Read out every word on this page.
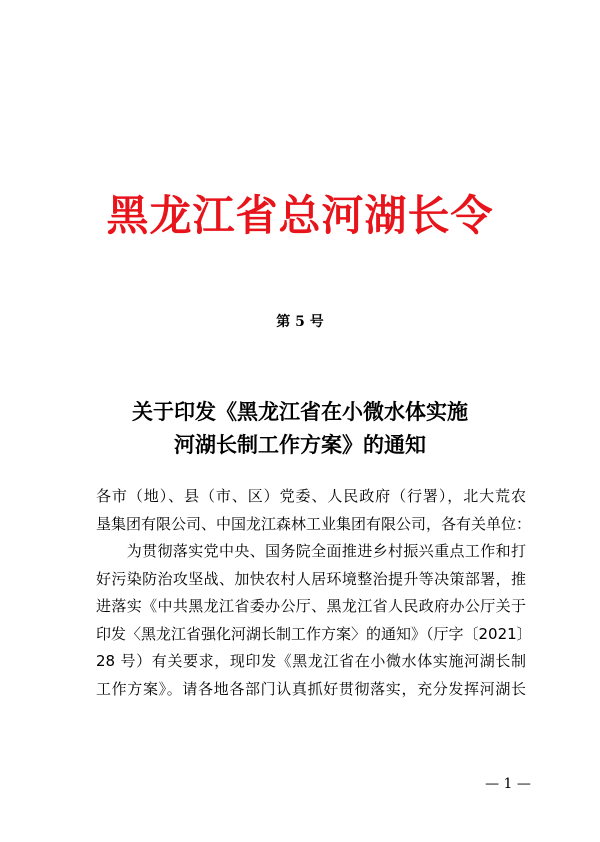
黑龙江省总河湖长令
第 5 号
关于印发《黑龙江省在小微水体实施
河湖长制工作方案》的通知
各市（地）、县（市、区）党委、人民政府（行署），北大荒农
垦集团有限公司、中国龙江森林工业集团有限公司，各有关单位：
　　为贯彻落实党中央、国务院全面推进乡村振兴重点工作和打
好污染防治攻坚战、加快农村人居环境整治提升等决策部署，推
进落实《中共黑龙江省委办公厅、黑龙江省人民政府办公厅关于
印发〈黑龙江省强化河湖长制工作方案〉的通知》（厅字〔2021〕
28 号）有关要求，现印发《黑龙江省在小微水体实施河湖长制
工作方案》。请各地各部门认真抓好贯彻落实，充分发挥河湖长
— 1 —
